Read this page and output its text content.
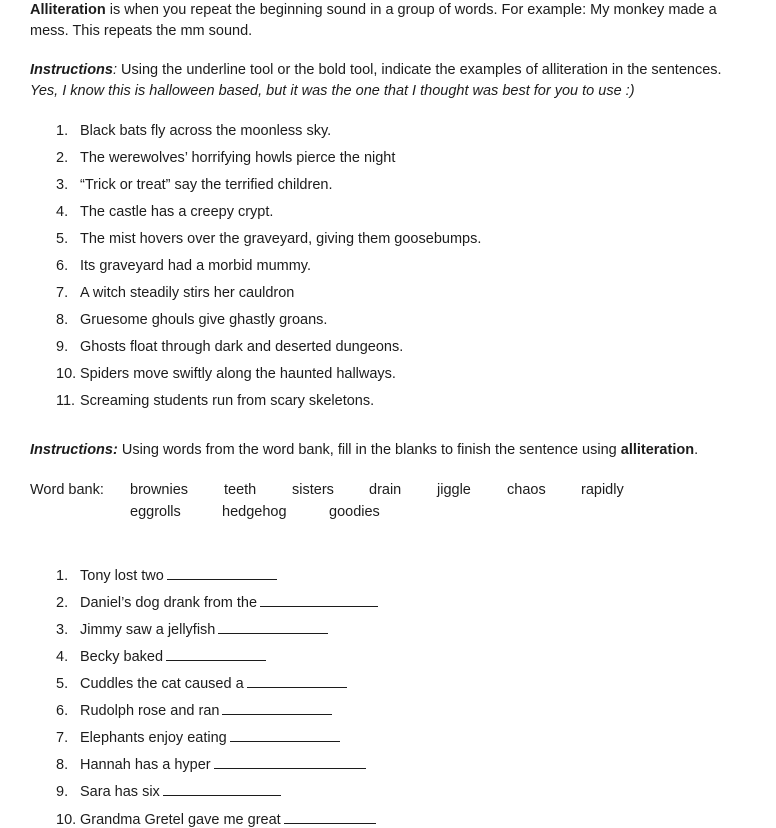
Alliteration is when you repeat the beginning sound in a group of words. For example: My monkey made a
mess. This repeats the mm sound.
Instructions: Using the underline tool or the bold tool, indicate the examples of alliteration in the sentences.
Yes, I know this is halloween based, but it was the one that I thought was best for you to use :)
1. Black bats fly across the moonless sky.
2. The werewolves’ horrifying howls pierce the night
3. “Trick or treat” say the terrified children.
4. The castle has a creepy crypt.
5. The mist hovers over the graveyard, giving them goosebumps.
6. Its graveyard had a morbid mummy.
7. A witch steadily stirs her cauldron
8. Gruesome ghouls give ghastly groans.
9. Ghosts float through dark and deserted dungeons.
10. Spiders move swiftly along the haunted hallways.
11. Screaming students run from scary skeletons.
Instructions: Using words from the word bank, fill in the blanks to finish the sentence using alliteration.
Word bank: brownies teeth sisters drain jiggle chaos rapidly
eggrolls	hedgehog	goodies
1. Tony lost two
2. Daniel’s dog drank from the
3. Jimmy saw a jellyfish
4. Becky baked
5. Cuddles the cat caused a
6. Rudolph rose and ran
7. Elephants enjoy eating
8. Hannah has a hyper
9. Sara has six
10. Grandma Gretel gave me great
